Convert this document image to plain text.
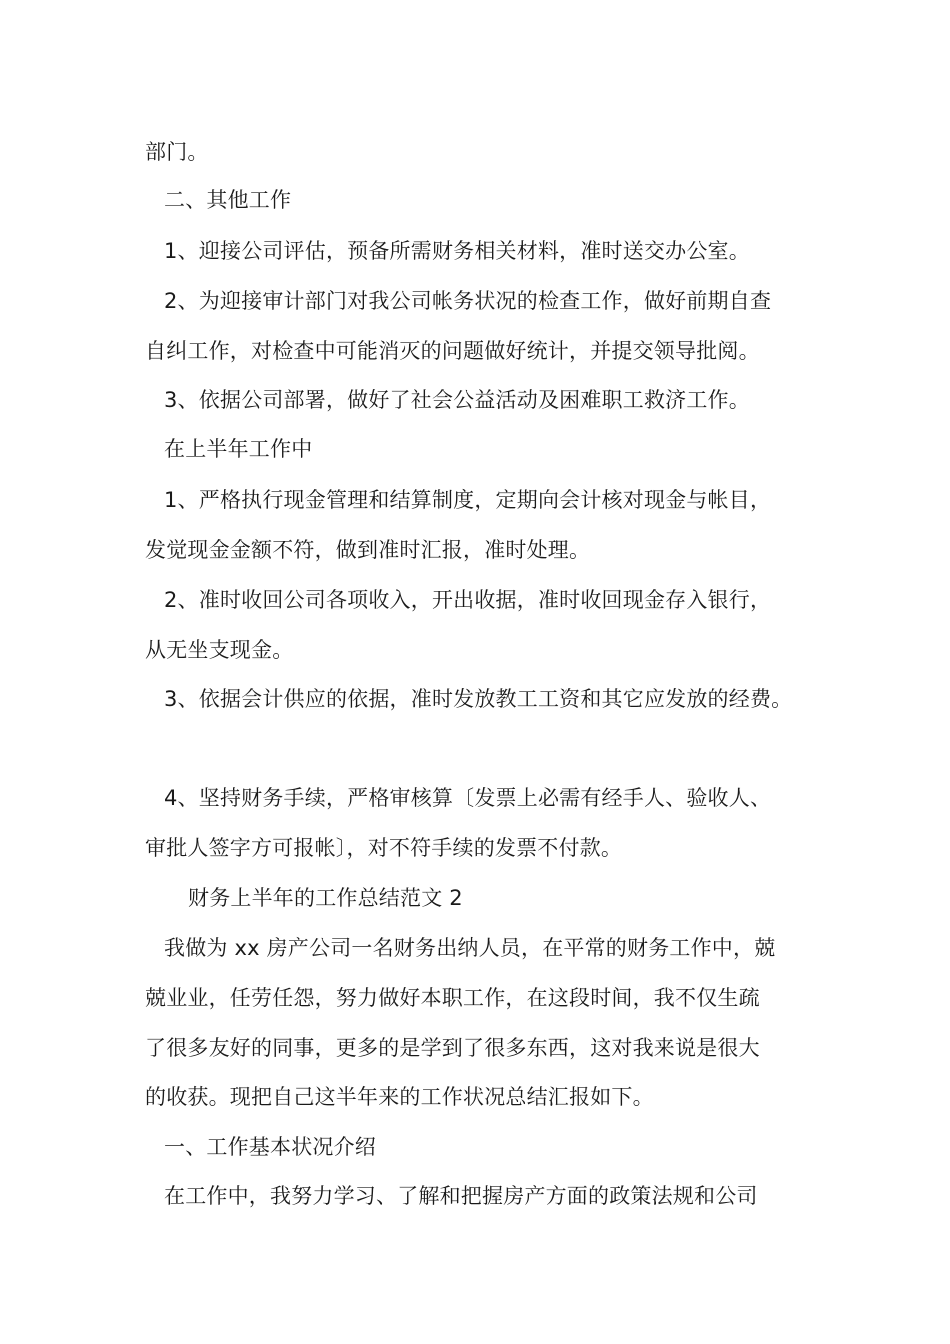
部门。
二、其他工作
1、迎接公司评估，预备所需财务相关材料，准时送交办公室。
2、为迎接审计部门对我公司帐务状况的检查工作，做好前期自查
自纠工作，对检查中可能消灭的问题做好统计，并提交领导批阅。
3、依据公司部署，做好了社会公益活动及困难职工救济工作。
在上半年工作中
1、严格执行现金管理和结算制度，定期向会计核对现金与帐目，
发觉现金金额不符，做到准时汇报，准时处理。
2、准时收回公司各项收入，开出收据，准时收回现金存入银行，
从无坐支现金。
3、依据会计供应的依据，准时发放教工工资和其它应发放的经费。
4、坚持财务手续，严格审核算〔发票上必需有经手人、验收人、
审批人签字方可报帐〕，对不符手续的发票不付款。
财务上半年的工作总结范文 2
我做为 xx 房产公司一名财务出纳人员，在平常的财务工作中，兢
兢业业，任劳任怨，努力做好本职工作，在这段时间，我不仅生疏
了很多友好的同事，更多的是学到了很多东西，这对我来说是很大
的收获。现把自己这半年来的工作状况总结汇报如下。
一、工作基本状况介绍
在工作中，我努力学习、了解和把握房产方面的政策法规和公司
